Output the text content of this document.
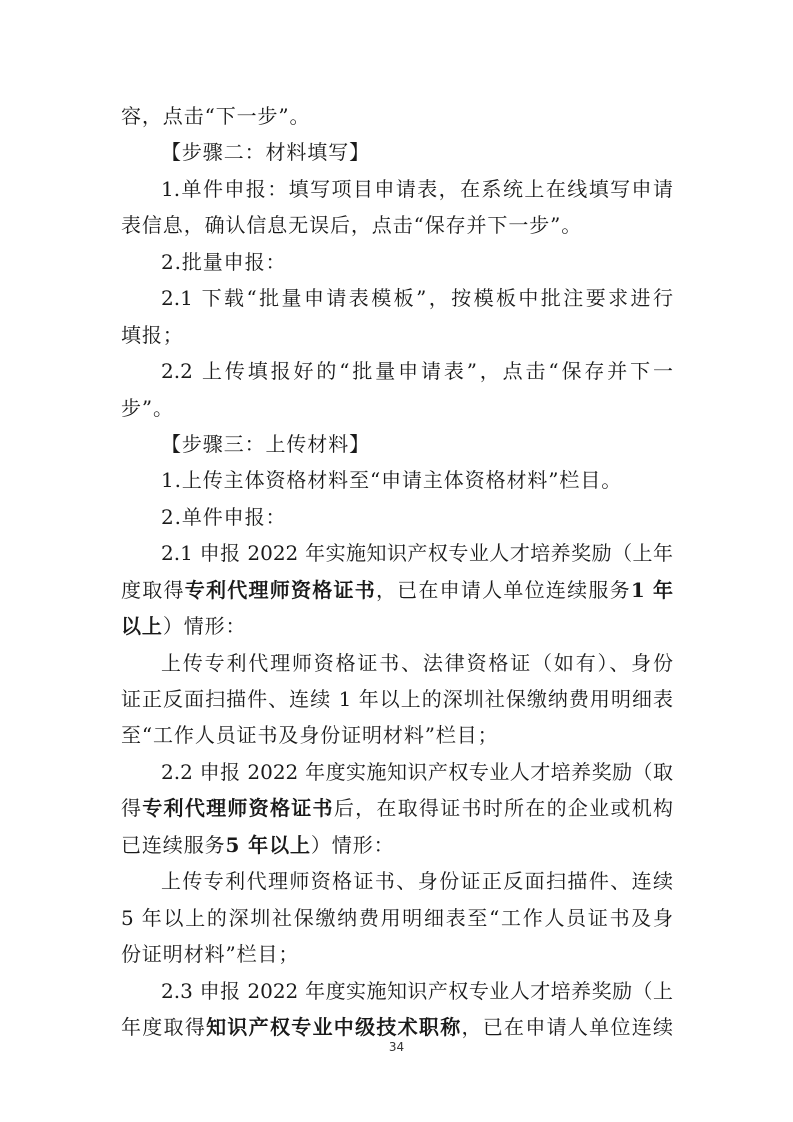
容，点击“下一步”。
【步骤二：材料填写】
1.单件申报：填写项目申请表，在系统上在线填写申请
表信息，确认信息无误后，点击“保存并下一步”。
2.批量申报：
2.1 下载“批量申请表模板”，按模板中批注要求进行
填报；
2.2 上传填报好的“批量申请表”，点击“保存并下一
步”。
【步骤三：上传材料】
1.上传主体资格材料至“申请主体资格材料”栏目。
2.单件申报：
2.1 申报 2022 年实施知识产权专业人才培养奖励（上年
度取得专利代理师资格证书，已在申请人单位连续服务1 年
以上）情形：
上传专利代理师资格证书、法律资格证（如有）、身份
证正反面扫描件、连续 1 年以上的深圳社保缴纳费用明细表
至“工作人员证书及身份证明材料”栏目；
2.2 申报 2022 年度实施知识产权专业人才培养奖励（取
得专利代理师资格证书后，在取得证书时所在的企业或机构
已连续服务5 年以上）情形：
上传专利代理师资格证书、身份证正反面扫描件、连续
5 年以上的深圳社保缴纳费用明细表至“工作人员证书及身
份证明材料”栏目；
2.3 申报 2022 年度实施知识产权专业人才培养奖励（上
年度取得知识产权专业中级技术职称，已在申请人单位连续
34
